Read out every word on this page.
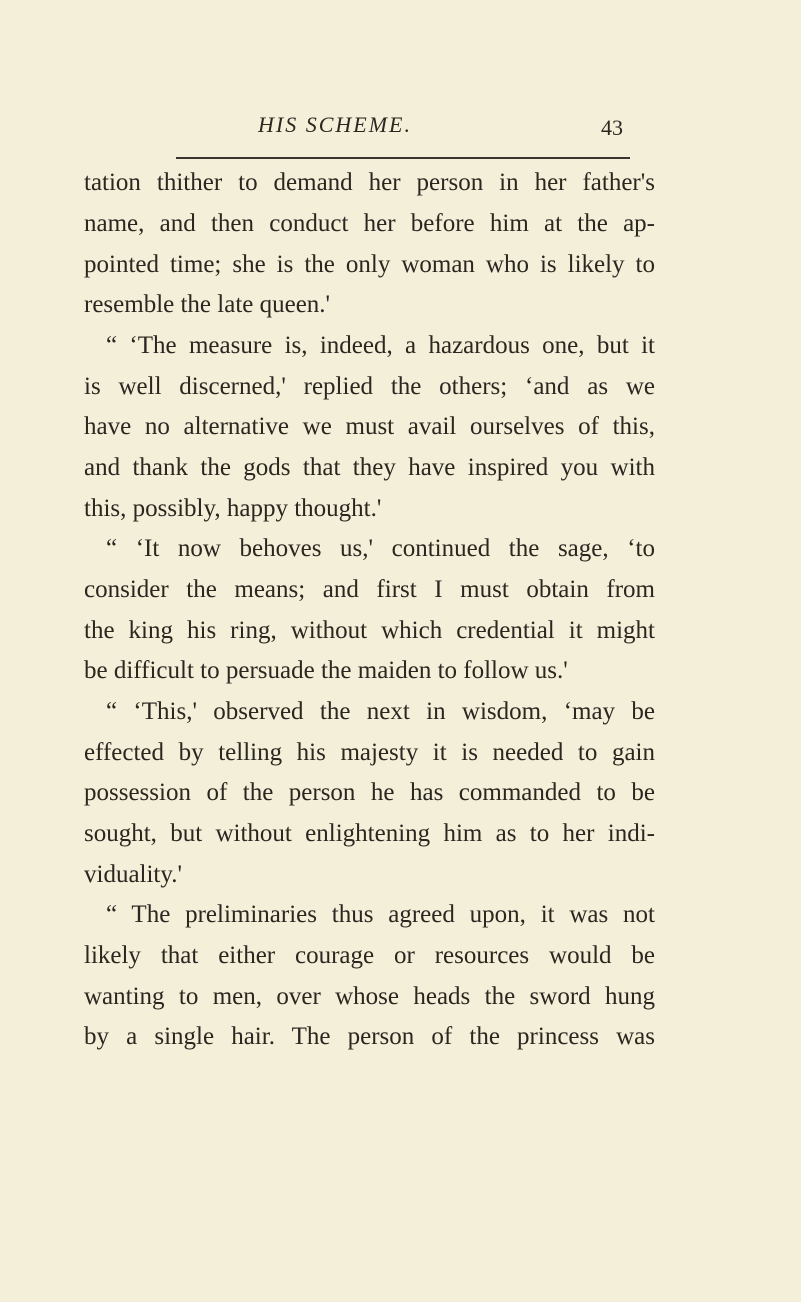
HIS SCHEME.	43
tation thither to demand her person in her father's
name, and then conduct her before him at the ap-
pointed time; she is the only woman who is likely to
resemble the late queen.'
“ ‘The measure is, indeed, a hazardous one, but it
is well discerned,' replied the others; ‘and as we
have no alternative we must avail ourselves of this,
and thank the gods that they have inspired you with
this, possibly, happy thought.'
“ ‘It now behoves us,' continued the sage, ‘to
consider the means; and first I must obtain from
the king his ring, without which credential it might
be difficult to persuade the maiden to follow us.'
“ ‘This,' observed the next in wisdom, ‘may be
effected by telling his majesty it is needed to gain
possession of the person he has commanded to be
sought, but without enlightening him as to her indi-
viduality.'
“ The preliminaries thus agreed upon, it was not
likely that either courage or resources would be
wanting to men, over whose heads the sword hung
by a single hair. The person of the princess was
